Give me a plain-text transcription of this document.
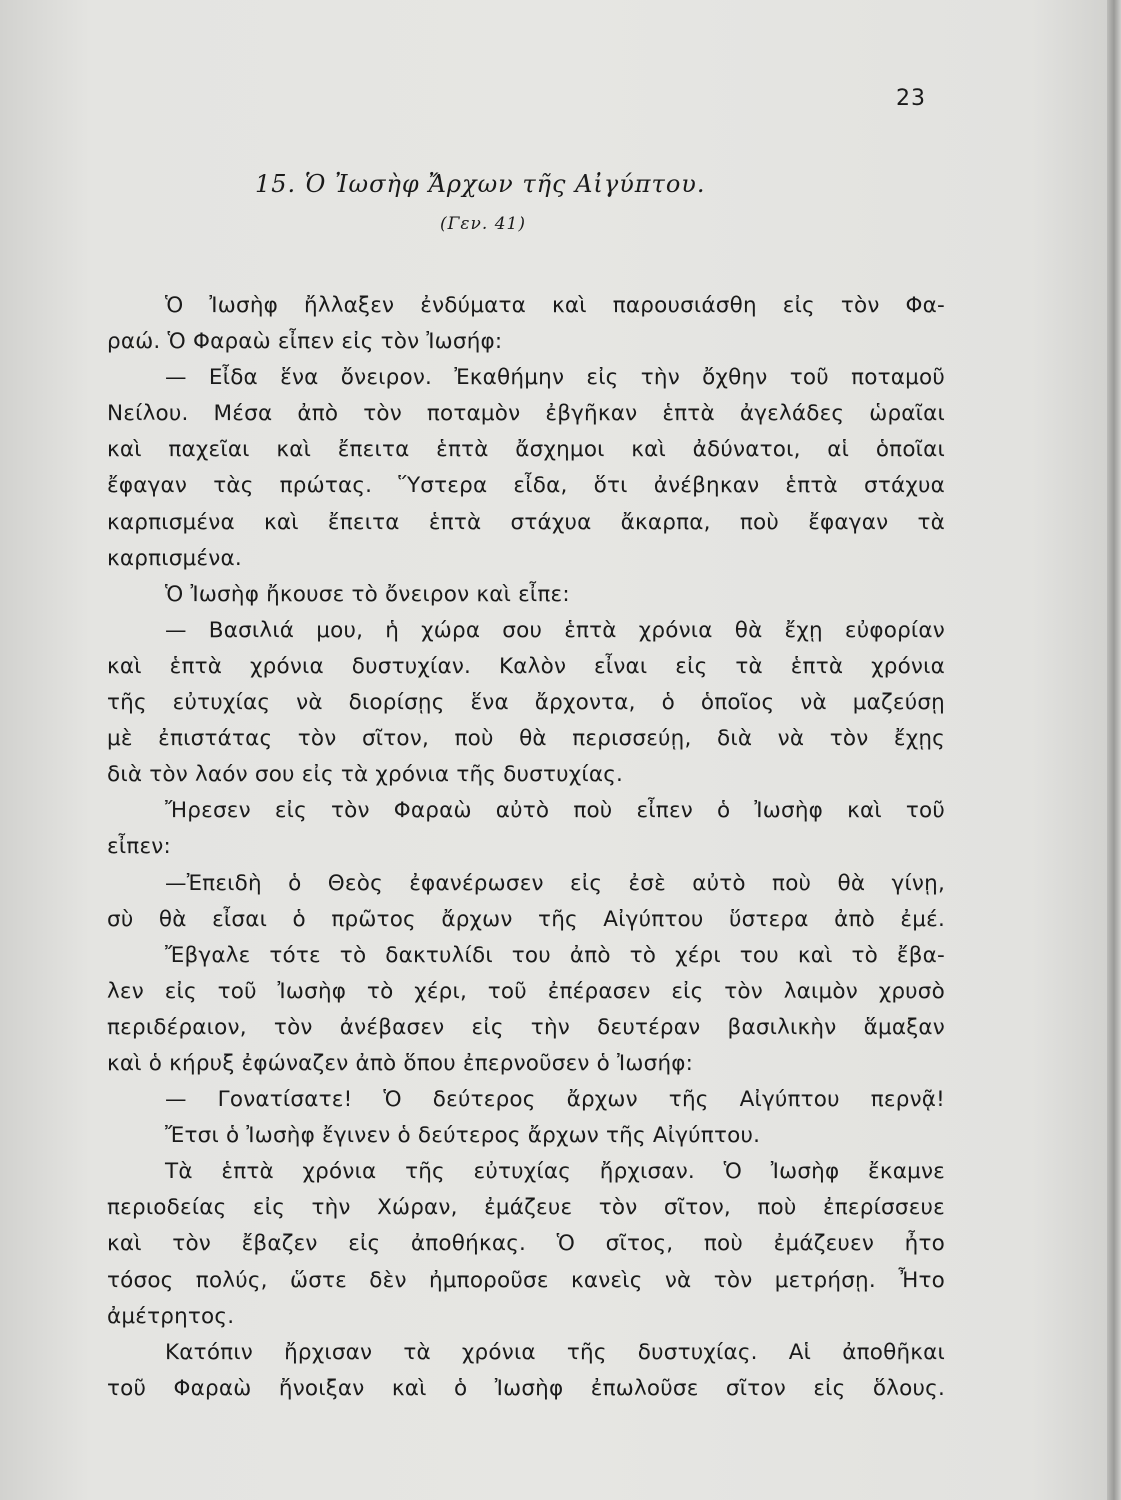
23
15. Ὁ Ἰωσὴφ Ἄρχων τῆς Αἰγύπτου.
(Γεν. 41)
Ὁ Ἰωσὴφ ἤλλαξεν ἐνδύματα καὶ παρουσιάσθη εἰς τὸν Φα-
ραώ. Ὁ Φαραὼ εἶπεν εἰς τὸν Ἰωσήφ:
— Εἶδα ἕνα ὄνειρον. Ἐκαθήμην εἰς τὴν ὄχθην τοῦ ποταμοῦ
Νείλου. Μέσα ἀπὸ τὸν ποταμὸν ἐβγῆκαν ἑπτὰ ἀγελάδες ὡραῖαι
καὶ παχεῖαι καὶ ἔπειτα ἑπτὰ ἄσχημοι καὶ ἀδύνατοι, αἱ ὁποῖαι
ἔφαγαν τὰς πρώτας. Ὕστερα εἶδα, ὅτι ἀνέβηκαν ἑπτὰ στάχυα
καρπισμένα καὶ ἔπειτα ἑπτὰ στάχυα ἄκαρπα, ποὺ ἔφαγαν τὰ
καρπισμένα.
Ὁ Ἰωσὴφ ἤκουσε τὸ ὄνειρον καὶ εἶπε:
— Βασιλιά μου, ἡ χώρα σου ἑπτὰ χρόνια θὰ ἔχῃ εὐφορίαν
καὶ ἑπτὰ χρόνια δυστυχίαν. Καλὸν εἶναι εἰς τὰ ἑπτὰ χρόνια
τῆς εὐτυχίας νὰ διορίσῃς ἕνα ἄρχοντα, ὁ ὁποῖος νὰ μαζεύσῃ
μὲ ἐπιστάτας τὸν σῖτον, ποὺ θὰ περισσεύῃ, διὰ νὰ τὸν ἔχῃς
διὰ τὸν λαόν σου εἰς τὰ χρόνια τῆς δυστυχίας.
Ἤρεσεν εἰς τὸν Φαραὼ αὐτὸ ποὺ εἶπεν ὁ Ἰωσὴφ καὶ τοῦ
εἶπεν:
—Ἐπειδὴ ὁ Θεὸς ἐφανέρωσεν εἰς ἐσὲ αὐτὸ ποὺ θὰ γίνῃ,
σὺ θὰ εἶσαι ὁ πρῶτος ἄρχων τῆς Αἰγύπτου ὕστερα ἀπὸ ἐμέ.
Ἔβγαλε τότε τὸ δακτυλίδι του ἀπὸ τὸ χέρι του καὶ τὸ ἔβα-
λεν εἰς τοῦ Ἰωσὴφ τὸ χέρι, τοῦ ἐπέρασεν εἰς τὸν λαιμὸν χρυσὸ
περιδέραιον, τὸν ἀνέβασεν εἰς τὴν δευτέραν βασιλικὴν ἅμαξαν
καὶ ὁ κήρυξ ἐφώναζεν ἀπὸ ὅπου ἐπερνοῦσεν ὁ Ἰωσήφ:
— Γονατίσατε! Ὁ δεύτερος ἄρχων τῆς Αἰγύπτου περνᾷ!
Ἔτσι ὁ Ἰωσὴφ ἔγινεν ὁ δεύτερος ἄρχων τῆς Αἰγύπτου.
Τὰ ἑπτὰ χρόνια τῆς εὐτυχίας ἤρχισαν. Ὁ Ἰωσὴφ ἔκαμνε
περιοδείας εἰς τὴν Χώραν, ἐμάζευε τὸν σῖτον, ποὺ ἐπερίσσευε
καὶ τὸν ἔβαζεν εἰς ἀποθήκας. Ὁ σῖτος, ποὺ ἐμάζευεν ἦτο
τόσος πολύς, ὥστε δὲν ἠμποροῦσε κανεὶς νὰ τὸν μετρήσῃ. Ἦτο
ἀμέτρητος.
Κατόπιν ἤρχισαν τὰ χρόνια τῆς δυστυχίας. Αἱ ἀποθῆκαι
τοῦ Φαραὼ ἤνοιξαν καὶ ὁ Ἰωσὴφ ἐπωλοῦσε σῖτον εἰς ὅλους.
